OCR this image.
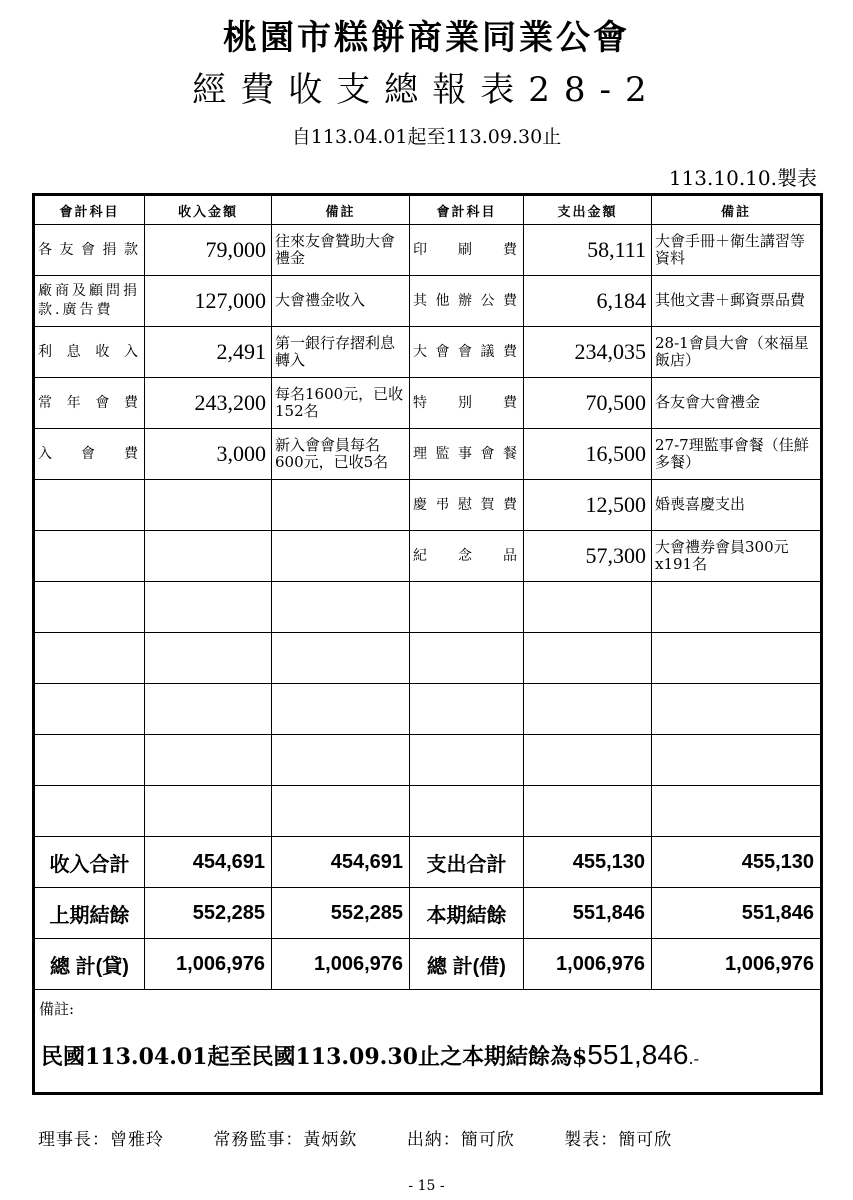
桃園市糕餅商業同業公會
經費收支總報表28-2
自113.04.01起至113.09.30止
113.10.10.製表
會計科目	收入金額	備註	會計科目	支出金額	備註
各友會捐款	79,000	往來友會贊助大會禮金	印　刷　費	58,111	大會手冊＋衛生講習等資料
廠商及顧問捐款.廣告費	127,000	大會禮金收入	其他辦公費	6,184	其他文書＋郵資票品費
利息收入	2,491	第一銀行存摺利息轉入	大會會議費	234,035	28-1會員大會（來福星飯店）
常年會費	243,200	每名1600元，已收152名	特　別　費	70,500	各友會大會禮金
入　會　費	3,000	新入會會員每名600元，已收5名	理監事會餐	16,500	27-7理監事會餐（佳鮮多餐）
			慶弔慰賀費	12,500	婚喪喜慶支出
			紀　念　品	57,300	大會禮券會員300元x191名

收入合計	454,691	454,691	支出合計	455,130	455,130
上期結餘	552,285	552,285	本期結餘	551,846	551,846
總 計(貸)	1,006,976	1,006,976	總 計(借)	1,006,976	1,006,976

備註:
民國113.04.01起至民國113.09.30止之本期結餘為$551,846.-					
理事長：曾雅玲	常務監事：黃炳欽	出納：簡可欣	製表：簡可欣
- 15 -
